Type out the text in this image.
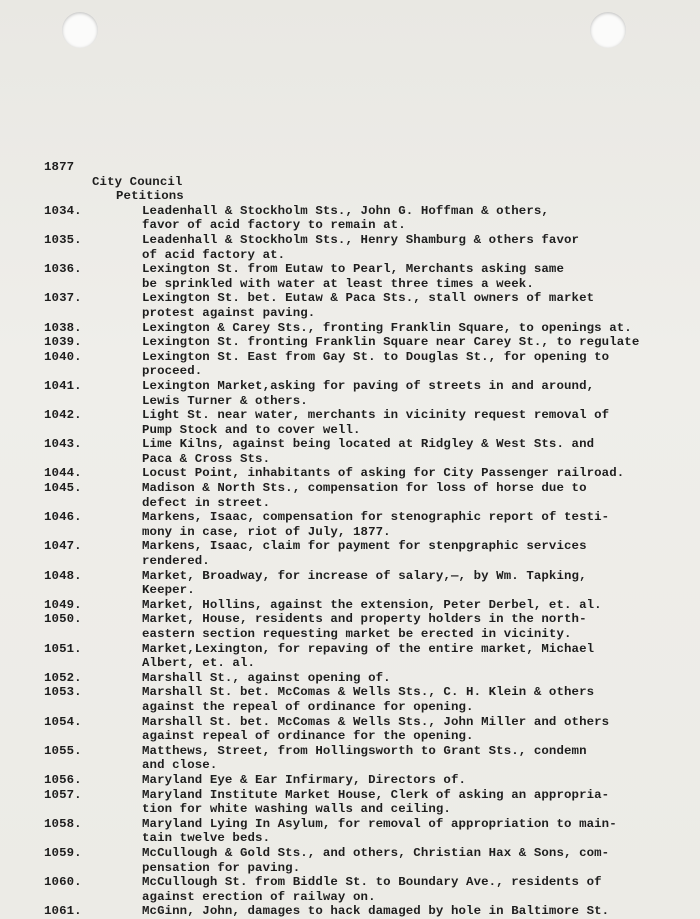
1877
City Council
Petitions
1034.	Leadenhall & Stockholm Sts., John G. Hoffman & others,
favor of acid factory to remain at.
1035.	Leadenhall & Stockholm Sts., Henry Shamburg & others favor
of acid factory at.
1036.	Lexington St. from Eutaw to Pearl, Merchants asking same
be sprinkled with water at least three times a week.
1037.	Lexington St. bet. Eutaw & Paca Sts., stall owners of market
protest against paving.
1038.	Lexington & Carey Sts., fronting Franklin Square, to openings at.
1039.	Lexington St. fronting Franklin Square near Carey St., to regulate
1040.	Lexington St. East from Gay St. to Douglas St., for opening to
proceed.
1041.	Lexington Market,asking for paving of streets in and around,
Lewis Turner & others.
1042.	Light St. near water, merchants in vicinity request removal of
Pump Stock and to cover well.
1043.	Lime Kilns, against being located at Ridgley & West Sts. and
Paca & Cross Sts.
1044.	Locust Point, inhabitants of asking for City Passenger railroad.
1045.	Madison & North Sts., compensation for loss of horse due to
defect in street.
1046.	Markens, Isaac, compensation for stenographic report of testi-
mony in case, riot of July, 1877.
1047.	Markens, Isaac, claim for payment for stenpgraphic services
rendered.
1048.	Market, Broadway, for increase of salary,—, by Wm. Tapking,
Keeper.
1049.	Market, Hollins, against the extension, Peter Derbel, et. al.
1050.	Market, House, residents and property holders in the north-
eastern section requesting market be erected in vicinity.
1051.	Market,Lexington, for repaving of the entire market, Michael
Albert, et. al.
1052.	Marshall St., against opening of.
1053.	Marshall St. bet. McComas & Wells Sts., C. H. Klein & others
against the repeal of ordinance for opening.
1054.	Marshall St. bet. McComas & Wells Sts., John Miller and others
against repeal of ordinance for the opening.
1055.	Matthews, Street, from Hollingsworth to Grant Sts., condemn
and close.
1056.	Maryland Eye & Ear Infirmary, Directors of.
1057.	Maryland Institute Market House, Clerk of asking an appropria-
tion for white washing walls and ceiling.
1058.	Maryland Lying In Asylum, for removal of appropriation to main-
tain twelve beds.
1059.	McCullough & Gold Sts., and others, Christian Hax & Sons, com-
pensation for paving.
1060.	McCullough St. from Biddle St. to Boundary Ave., residents of
against erection of railway on.
1061.	McGinn, John, damages to hack damaged by hole in Baltimore St.
